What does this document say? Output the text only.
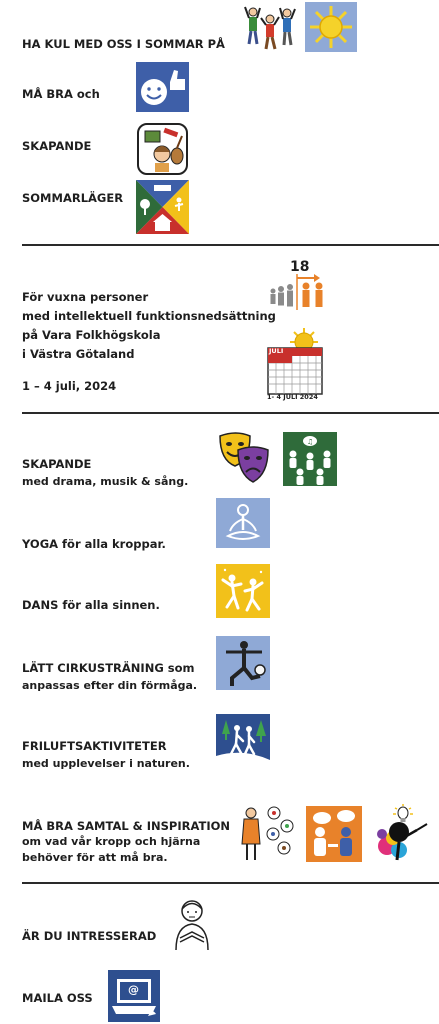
HA KUL MED OSS I SOMMAR PÅ
MÅ BRA och
SKAPANDE
SOMMARLÄGER
För vuxna personer
med intellektuell funktionsnedsättning
på Vara Folkhögskola
i Västra Götaland
1 – 4 juli, 2024
18
JULI
1- 4 JULI 2024
SKAPANDE
med drama, musik & sång.
♫
YOGA för alla kroppar.
DANS för alla sinnen.
LÄTT CIRKUSTRÄNING som
anpassas efter din förmåga.
FRILUFTSAKTIVITETER
med upplevelser i naturen.
MÅ BRA SAMTAL & INSPIRATION
om vad vår kropp och hjärna
behöver för att må bra.
ÄR DU INTRESSERAD
MAILA OSS
@
